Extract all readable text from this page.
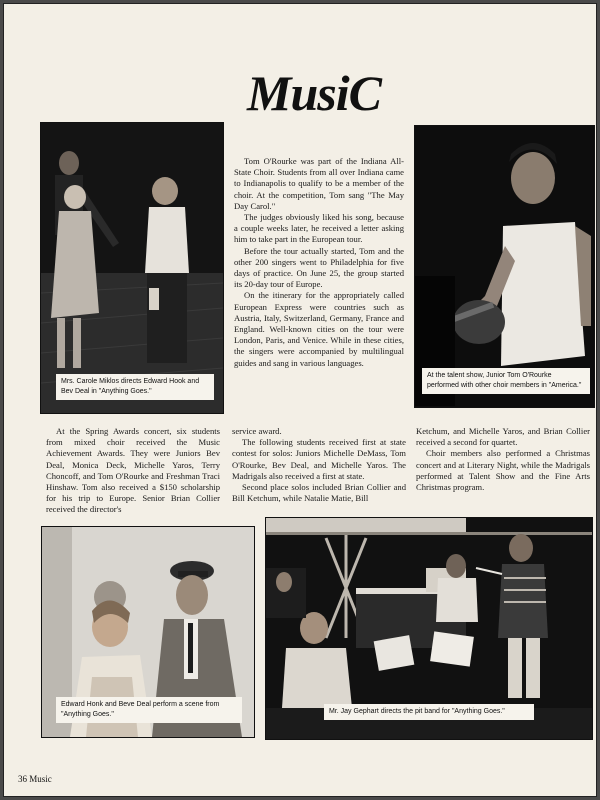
MusiC
Mrs. Carole Miklos directs Edward Hook and Bev Deal in "Anything Goes."
At the talent show, Junior Tom O'Rourke performed with other choir members in "America."

Tom O'Rourke was part of the Indiana All-State Choir. Students from all over Indiana came to Indianapolis to qualify to be a member of the choir. At the competition, Tom sang "The May Day Carol."

The judges obviously liked his song, because a couple weeks later, he received a letter asking him to take part in the European tour.

Before the tour actually started, Tom and the other 200 singers went to Philadelphia for five days of practice. On June 25, the group started its 20-day tour of Europe.

On the itinerary for the appropriately called European Express were countries such as Austria, Italy, Switzerland, Germany, France and England. Well-known cities on the tour were London, Paris, and Venice. While in these cities, the singers were accompanied by multilingual guides and sang in various languages.

At the Spring Awards concert, six students from mixed choir received the Music Achievement Awards. They were Juniors Bev Deal, Monica Deck, Michelle Yaros, Terry Choncoff, and Tom O'Rourke and Freshman Traci Hinshaw. Tom also received a $150 scholarship for his trip to Europe. Senior Brian Collier received the director's

service award.

The following students received first at state contest for solos: Juniors Michelle DeMass, Tom O'Rourke, Bev Deal, and Michelle Yaros. The Madrigals also received a first at state.

Second place solos included Brian Collier and Bill Ketchum, while Natalie Matie, Bill

Ketchum, and Michelle Yaros, and Brian Collier received a second for quartet.

Choir members also performed a Christmas concert and at Literary Night, while the Madrigals performed at Talent Show and the Fine Arts Christmas program.

Edward Honk and Beve Deal perform a scene from "Anything Goes."	Mr. Jay Gephart directs the pit band for "Anything Goes."
36 Music
